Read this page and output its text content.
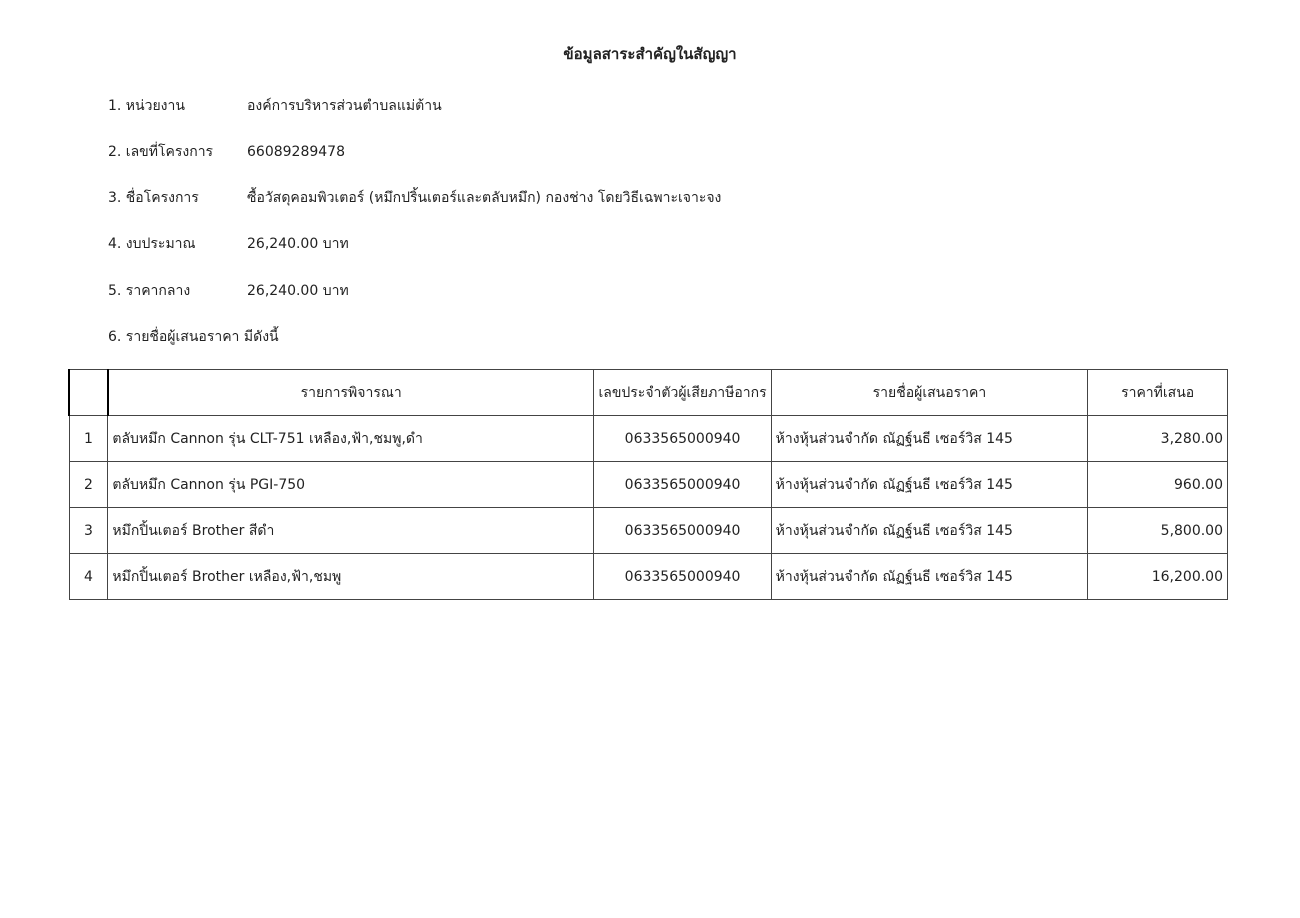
ข้อมูลสาระสำคัญในสัญญา
1. หน่วยงาน	องค์การบริหารส่วนตำบลแม่ต้าน
2. เลขที่โครงการ 66089289478
3. ชื่อโครงการ	ซื้อวัสดุคอมพิวเตอร์ (หมึกปริ้นเตอร์และตลับหมึก) กองช่าง โดยวิธีเฉพาะเจาะจง
4. งบประมาณ	26,240.00 บาท
5. ราคากลาง	26,240.00 บาท
6. รายชื่อผู้เสนอราคา มีดังนี้
	รายการพิจารณา	เลขประจำตัวผู้เสียภาษีอากร	รายชื่อผู้เสนอราคา	ราคาที่เสนอ
1	ตลับหมึก Cannon รุ่น CLT-751 เหลือง,ฟ้า,ชมพู,ดำ	0633565000940	ห้างหุ้นส่วนจำกัด ณัฏฐ์นธี เซอร์วิส 145	3,280.00
2	ตลับหมึก Cannon รุ่น PGI-750	0633565000940	ห้างหุ้นส่วนจำกัด ณัฏฐ์นธี เซอร์วิส 145	960.00
3	หมึกปิ้นเตอร์ Brother สีดำ	0633565000940	ห้างหุ้นส่วนจำกัด ณัฏฐ์นธี เซอร์วิส 145	5,800.00
4	หมึกปิ้นเตอร์ Brother เหลือง,ฟ้า,ชมพู	0633565000940	ห้างหุ้นส่วนจำกัด ณัฏฐ์นธี เซอร์วิส 145	16,200.00
